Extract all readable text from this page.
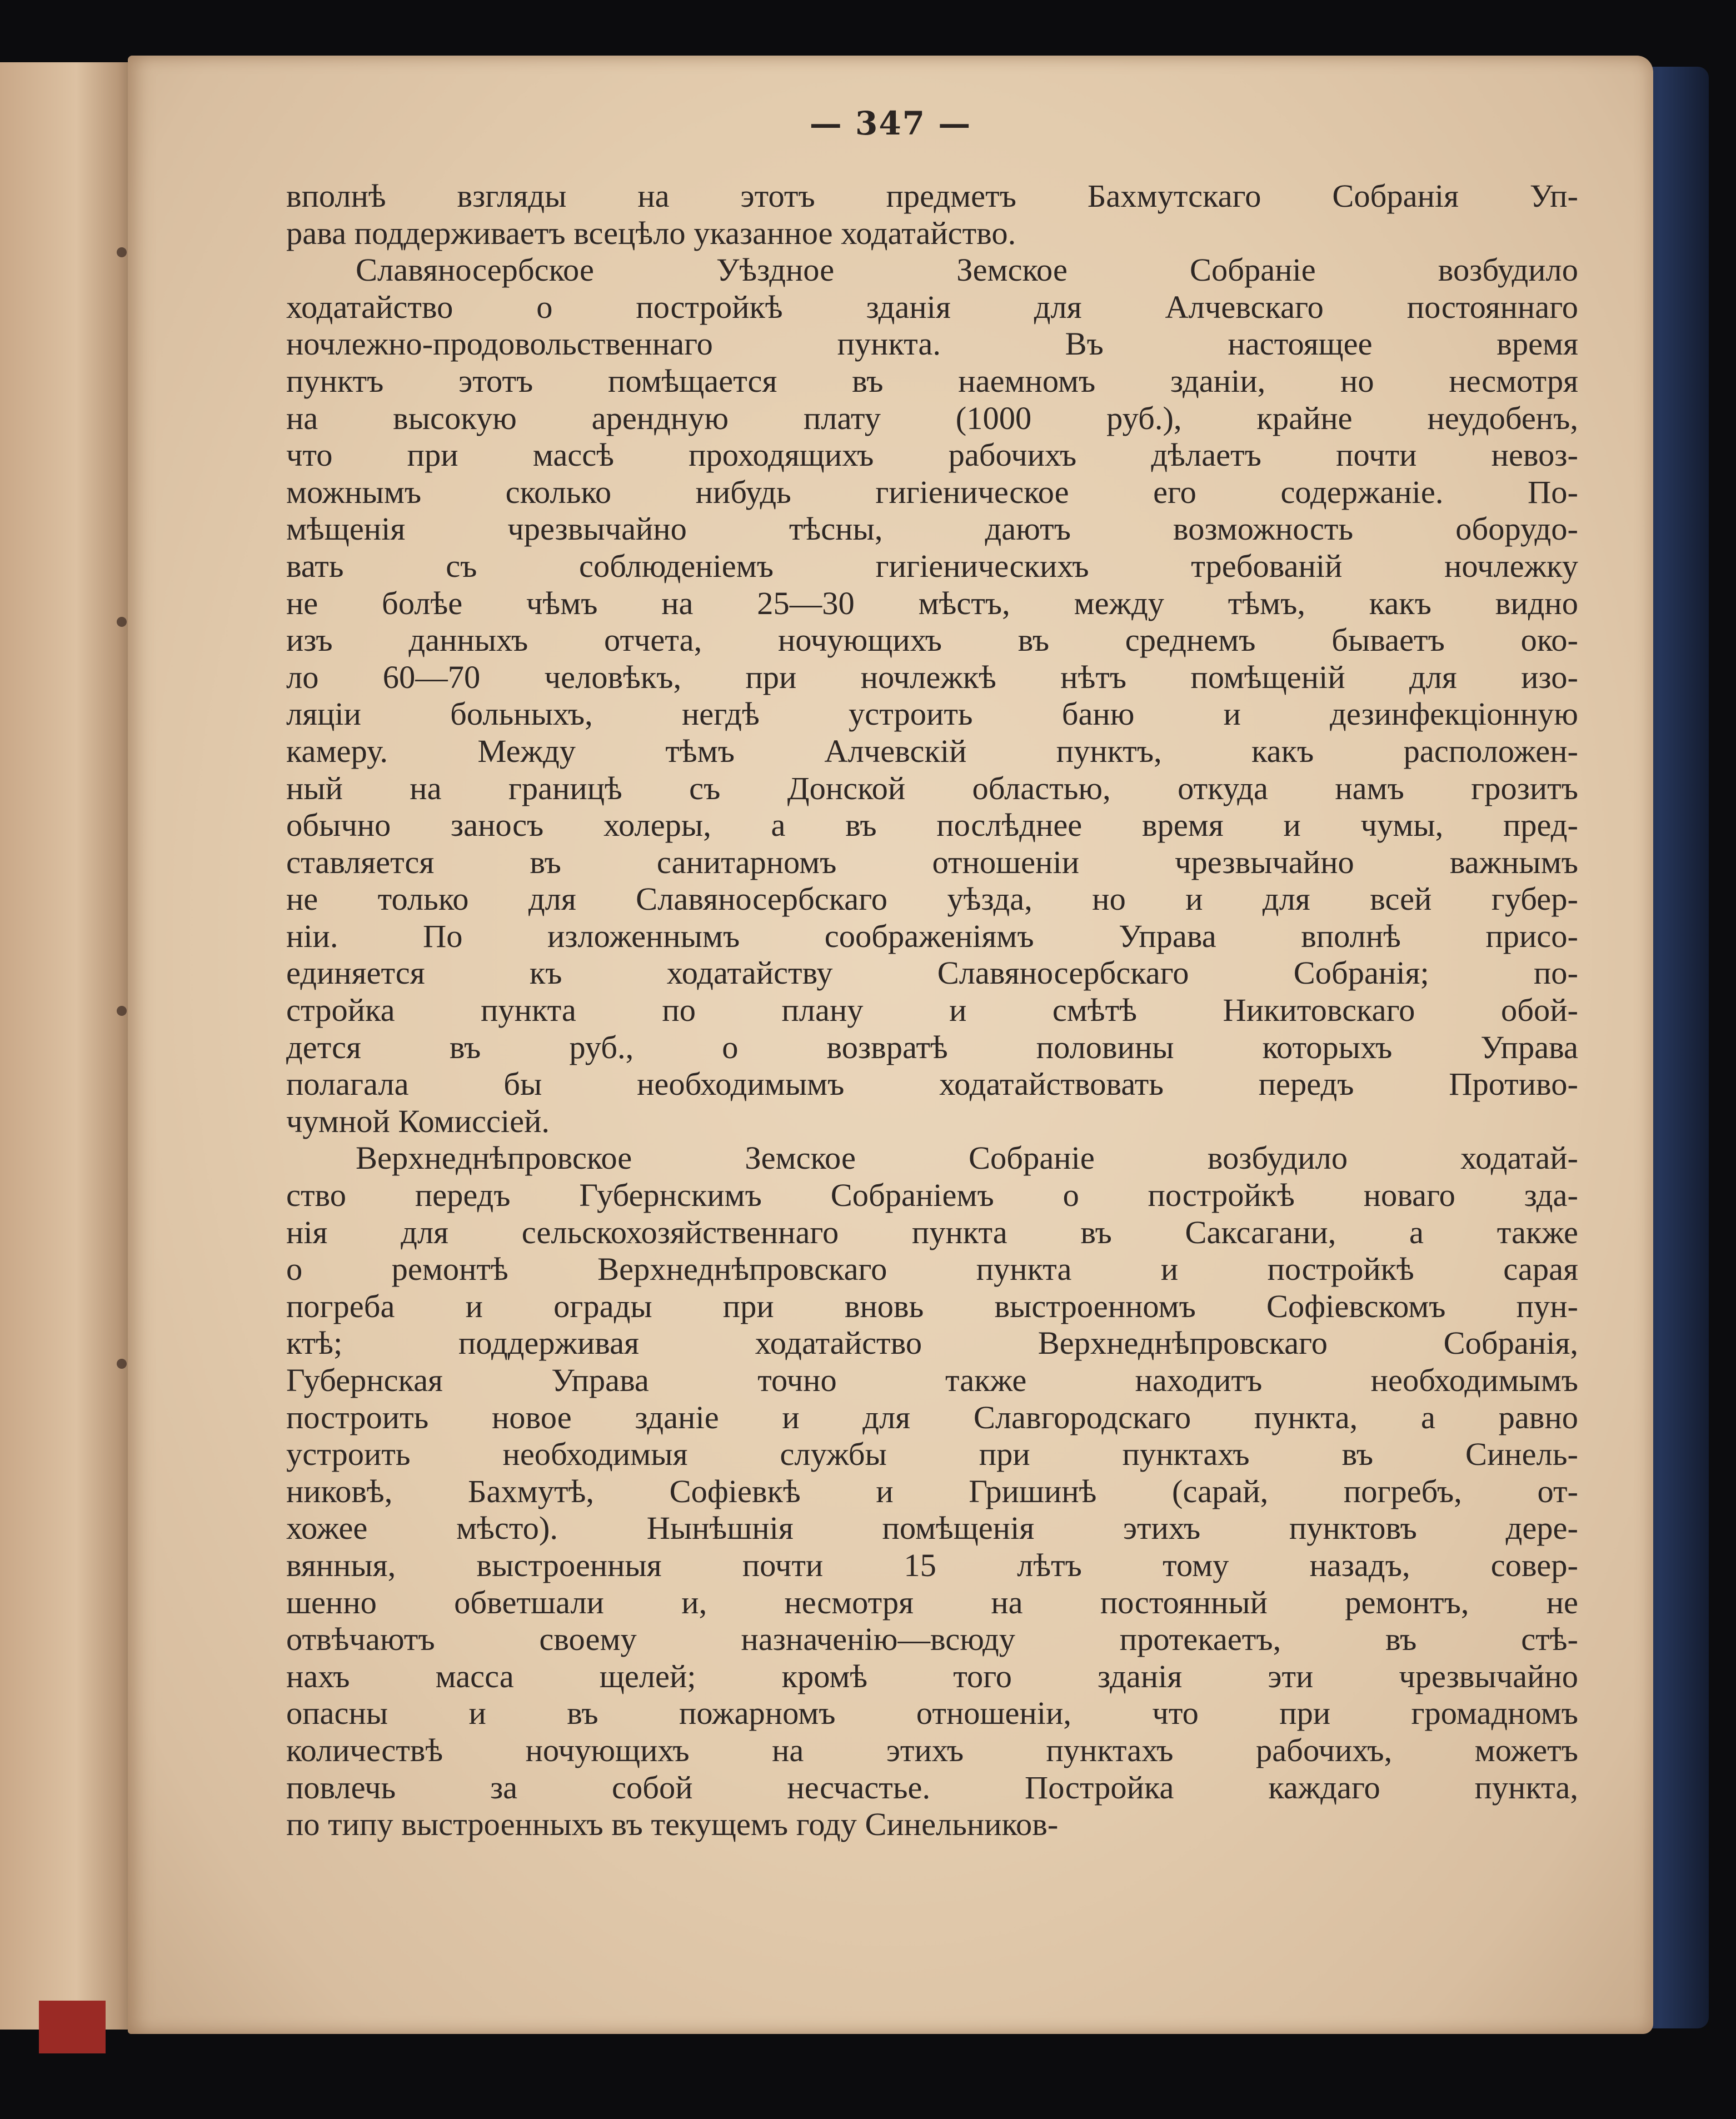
— 347 —
вполнѣ взгляды на этотъ предметъ Бахмутскаго Собранія Уп-
рава поддерживаетъ всецѣло указанное ходатайство.
Славяносербское Уѣздное Земское Собраніе возбудило
ходатайство о постройкѣ зданія для Алчевскаго постояннаго
ночлежно-продовольственнаго пункта. Въ настоящее время
пунктъ этотъ помѣщается въ наемномъ зданіи, но несмотря
на высокую арендную плату (1000 руб.), крайне неудобенъ,
что при массѣ проходящихъ рабочихъ дѣлаетъ почти невоз-
можнымъ сколько нибудь гигіеническое его содержаніе. По-
мѣщенія чрезвычайно тѣсны, даютъ возможность оборудо-
вать съ соблюденіемъ гигіеническихъ требованій ночлежку
не болѣе чѣмъ на 25—30 мѣстъ, между тѣмъ, какъ видно
изъ данныхъ отчета, ночующихъ въ среднемъ бываетъ око-
ло 60—70 человѣкъ, при ночлежкѣ нѣтъ помѣщеній для изо-
ляціи больныхъ, негдѣ устроить баню и дезинфекціонную
камеру. Между тѣмъ Алчевскій пунктъ, какъ расположен-
ный на границѣ съ Донской областью, откуда намъ грозитъ
обычно заносъ холеры, а въ послѣднее время и чумы, пред-
ставляется въ санитарномъ отношеніи чрезвычайно важнымъ
не только для Славяносербскаго уѣзда, но и для всей губер-
ніи. По изложеннымъ соображеніямъ Управа вполнѣ присо-
единяется къ ходатайству Славяносербскаго Собранія; по-
стройка пункта по плану и смѣтѣ Никитовскаго обой-
дется въ руб., о возвратѣ половины которыхъ Управа
полагала бы необходимымъ ходатайствовать передъ Противо-
чумной Комиссіей.
Верхнеднѣпровское Земское Собраніе возбудило ходатай-
ство передъ Губернскимъ Собраніемъ о постройкѣ новаго зда-
нія для сельскохозяйственнаго пункта въ Саксагани, а также
о ремонтѣ Верхнеднѣпровскаго пункта и постройкѣ сарая
погреба и ограды при вновь выстроенномъ Софіевскомъ пун-
ктѣ; поддерживая ходатайство Верхнеднѣпровскаго Собранія,
Губернская Управа точно также находитъ необходимымъ
построить новое зданіе и для Славгородскаго пункта, а равно
устроить необходимыя службы при пунктахъ въ Синель-
никовѣ, Бахмутѣ, Софіевкѣ и Гришинѣ (сарай, погребъ, от-
хожее мѣсто). Нынѣшнія помѣщенія этихъ пунктовъ дере-
вянныя, выстроенныя почти 15 лѣтъ тому назадъ, совер-
шенно обветшали и, несмотря на постоянный ремонтъ, не
отвѣчаютъ своему назначенію—всюду протекаетъ, въ стѣ-
нахъ масса щелей; кромѣ того зданія эти чрезвычайно
опасны и въ пожарномъ отношеніи, что при громадномъ
количествѣ ночующихъ на этихъ пунктахъ рабочихъ, можетъ
повлечь за собой несчастье. Постройка каждаго пункта,
по типу выстроенныхъ въ текущемъ году Синельников-
